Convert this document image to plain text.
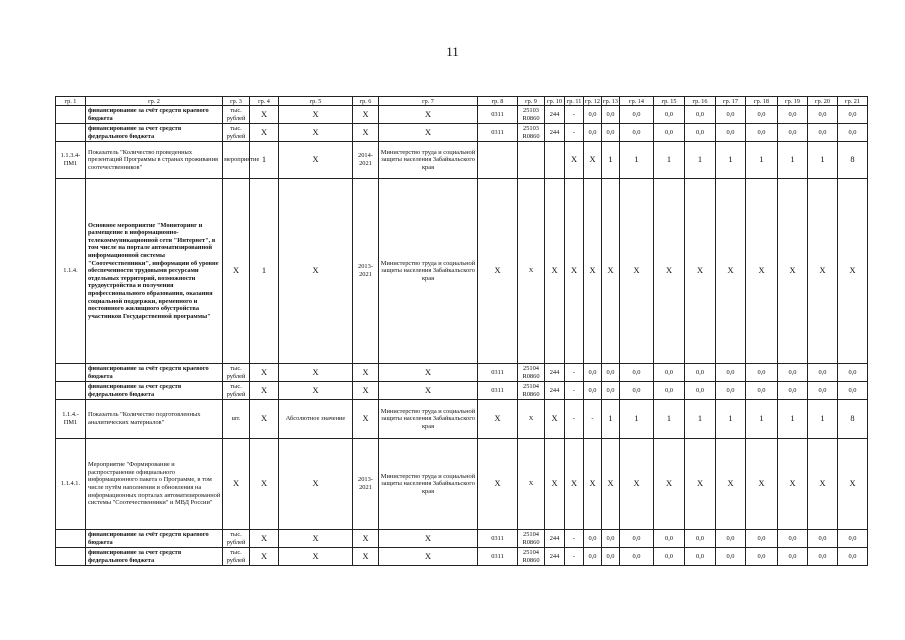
11
гр. 1	гр. 2	гр. 3	гр. 4	гр. 5	гр. 6	гр. 7	гр. 8	гр. 9	гр. 10	гр. 11	гр. 12	гр. 13	гр. 14	гр. 15	гр. 16	гр. 17	гр. 18	гр. 19	гр. 20	гр. 21
	финансирование за счёт средств краевого бюджета	тыс. рублей	Х	Х	Х	Х	0311	25103 R0860	244	-	0,0	0,0	0,0	0,0	0,0	0,0	0,0	0,0	0,0	0,0
	финансирование за счет средств федерального бюджета	тыс. рублей	Х	Х	Х	Х	0311	25103 R0860	244	-	0,0	0,0	0,0	0,0	0,0	0,0	0,0	0,0	0,0	0,0
1.1.3.4-ПМ1	Показатель "Количество проведенных презентаций Программы в странах проживания соотечественников"	мероприятие	1	Х	2014-2021	Министерство труда и социальной защиты населения Забайкальского края				Х	Х	1	1	1	1	1	1	1	1	8
1.1.4.	Основное мероприятие "Мониторинг и размещение в информационно-телекоммуникационной сети "Интернет", в том числе на портале автоматизированной информационной системы "Соотечественники", информации об уровне обеспеченности трудовыми ресурсами отдельных территорий, возможности трудоустройства и получения профессионального образования, оказания социальной поддержки, временного и постоянного жилищного обустройства участников Государственной программы"	Х	1	Х	2013-2021	Министерство труда и социальной защиты населения Забайкальского края	Х	Х	Х	Х	Х	Х	Х	Х	Х	Х	Х	Х	Х	Х
	финансирование за счёт средств краевого бюджета	тыс. рублей	Х	Х	Х	Х	0311	25104 R0860	244	-	0,0	0,0	0,0	0,0	0,0	0,0	0,0	0,0	0,0	0,0
	финансирование за счет средств федерального бюджета	тыс. рублей	Х	Х	Х	Х	0311	25104 R0860	244	-	0,0	0,0	0,0	0,0	0,0	0,0	0,0	0,0	0,0	0,0
1.1.4.-ПМ1	Показатель "Количество подготовленных аналитических материалов"	шт.	Х	Абсолютное значение	Х	Министерство труда и социальной защиты населения Забайкальского края	Х	Х	Х	-	-	1	1	1	1	1	1	1	1	8
1.1.4.1.	Мероприятие "Формирование и распространение официального информационного пакета о Программе, в том числе путём наполнения и обновления на информационных порталах автоматизированной системы "Соотечественники" и МВД России"	Х	Х	Х	2013-2021	Министерство труда и социальной защиты населения Забайкальского края	Х	Х	Х	Х	Х	Х	Х	Х	Х	Х	Х	Х	Х	Х
	финансирование за счёт средств краевого бюджета	тыс. рублей	Х	Х	Х	Х	0311	25104 R0860	244	-	0,0	0,0	0,0	0,0	0,0	0,0	0,0	0,0	0,0	0,0
	финансирование за счет средств федерального бюджета	тыс. рублей	Х	Х	Х	Х	0311	25104 R0860	244	-	0,0	0,0	0,0	0,0	0,0	0,0	0,0	0,0	0,0	0,0
